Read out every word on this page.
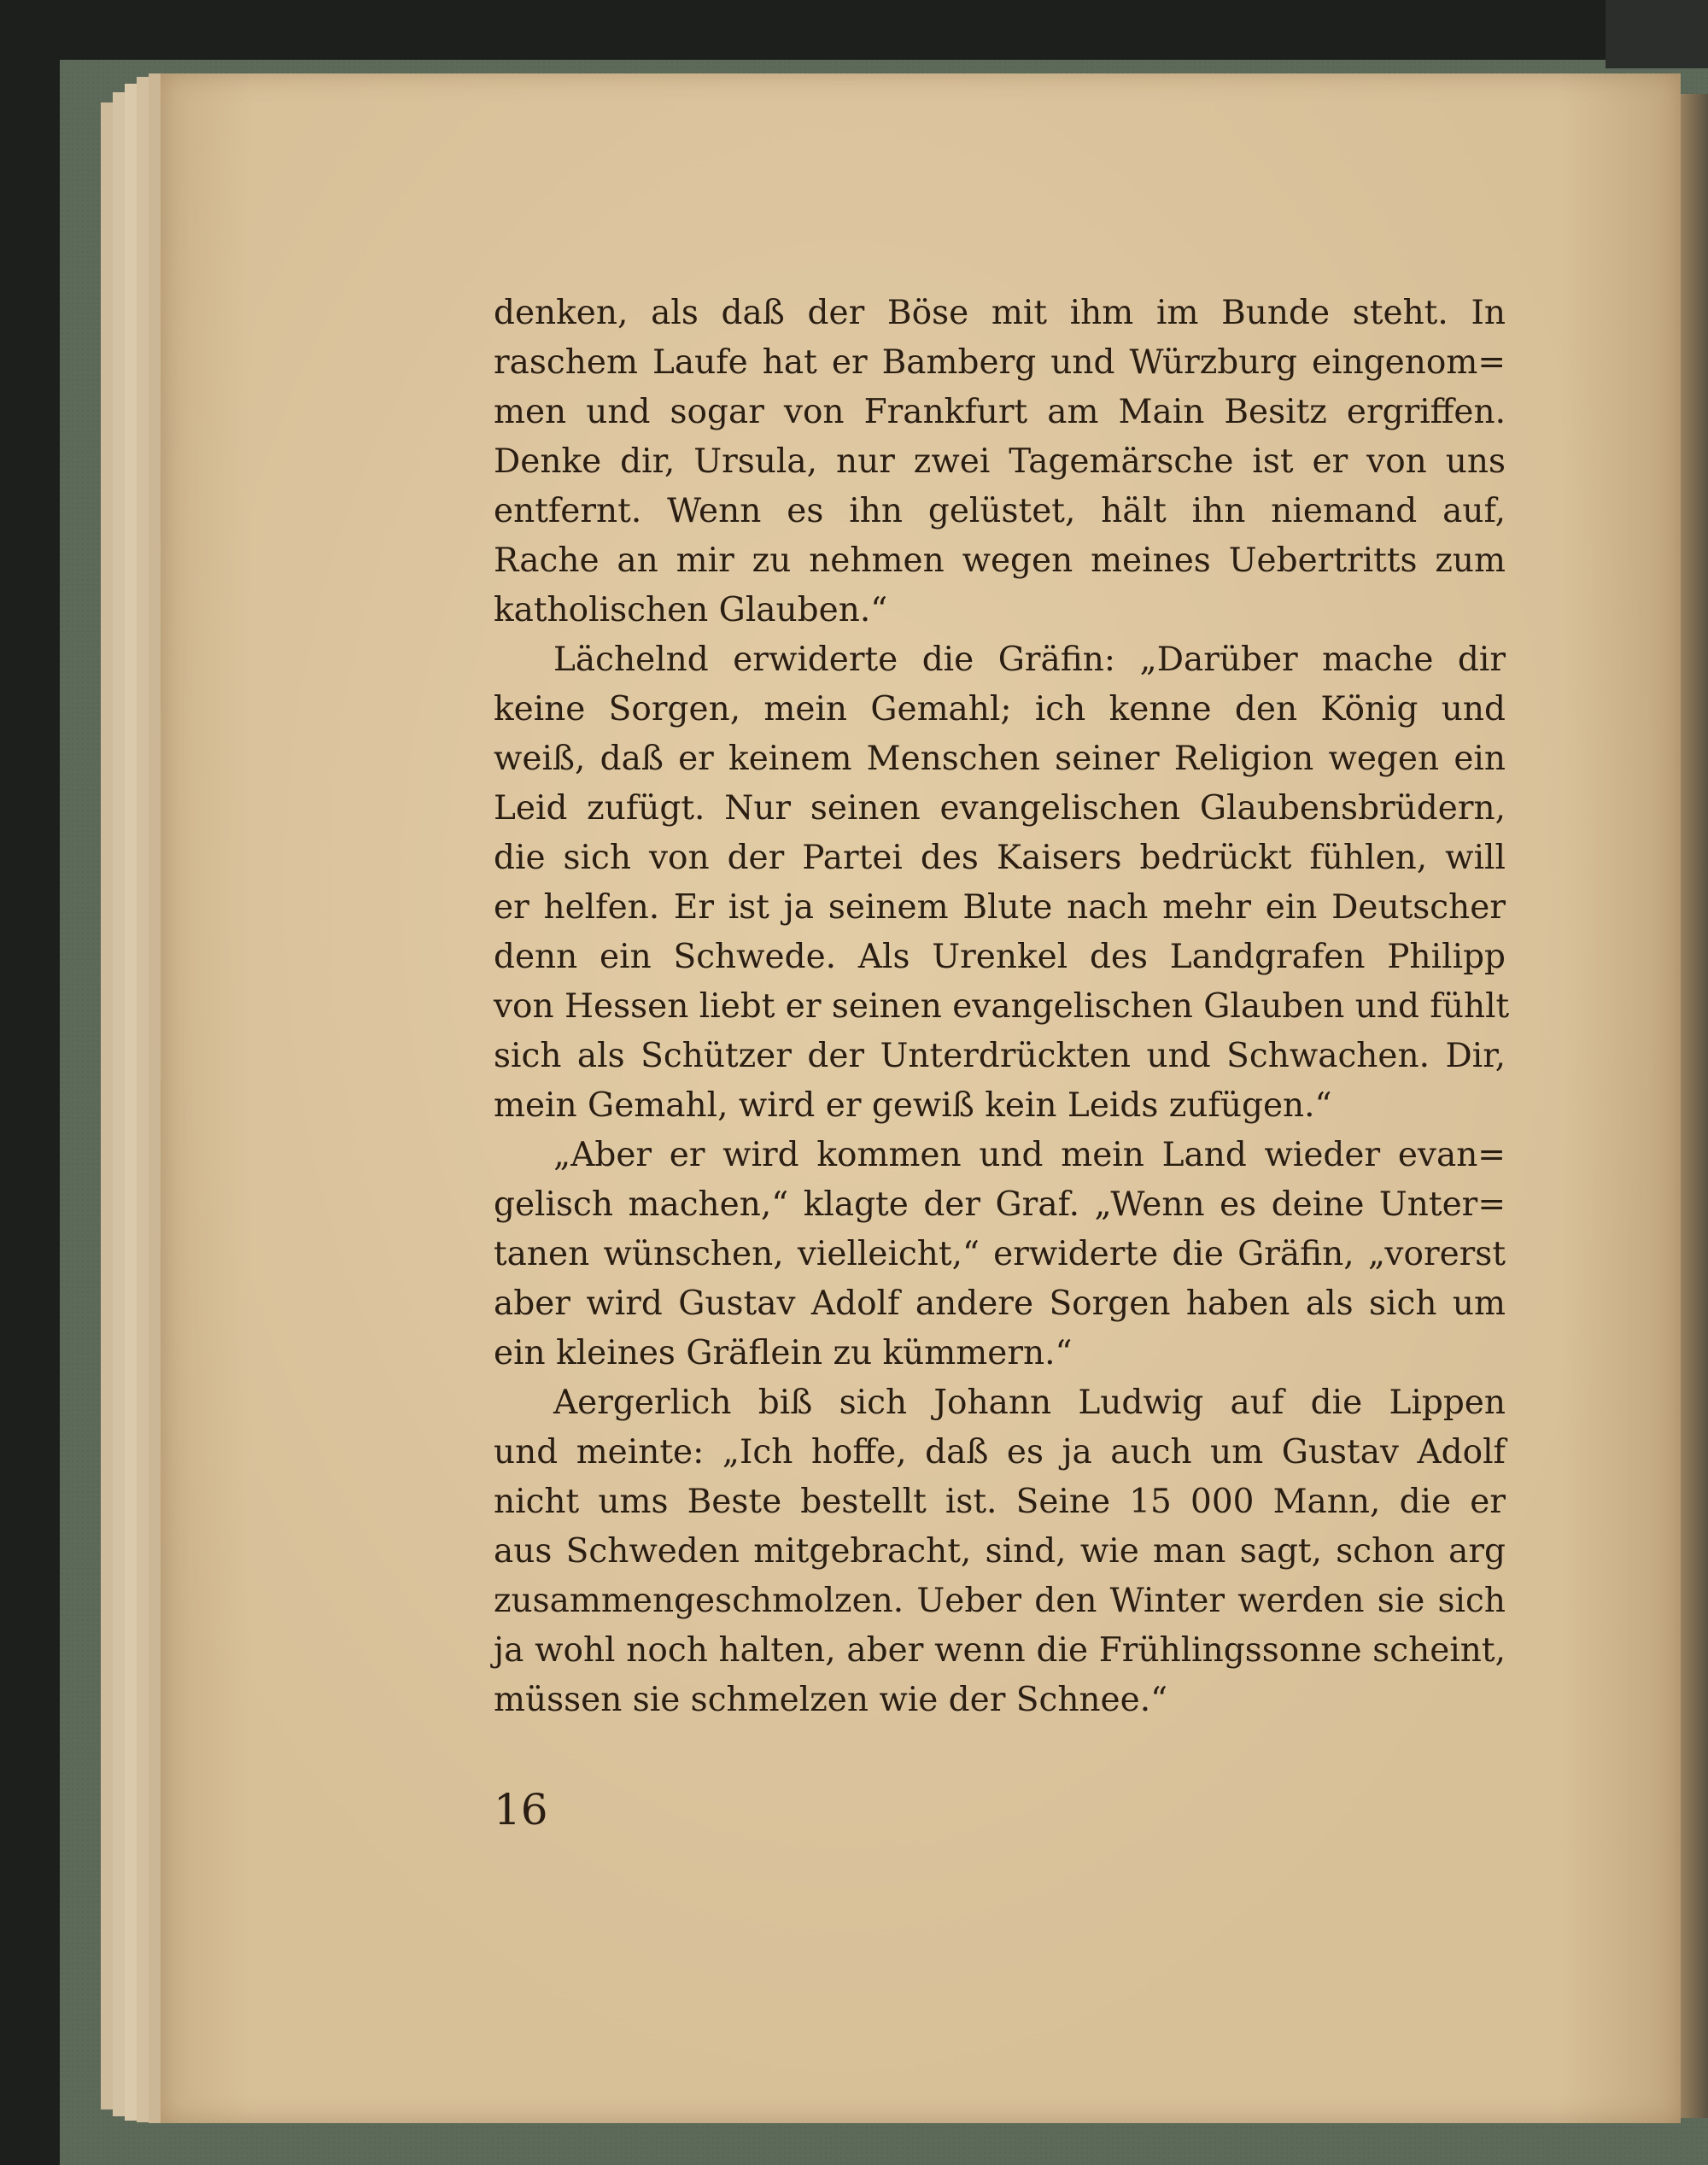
denken, als daß der Böse mit ihm im Bunde steht. In
raschem Laufe hat er Bamberg und Würzburg eingenom=
men und sogar von Frankfurt am Main Besitz ergriffen.
Denke dir, Ursula, nur zwei Tagemärsche ist er von uns
entfernt. Wenn es ihn gelüstet, hält ihn niemand auf,
Rache an mir zu nehmen wegen meines Uebertritts zum
katholischen Glauben.“
Lächelnd erwiderte die Gräfin: „Darüber mache dir
keine Sorgen, mein Gemahl; ich kenne den König und
weiß, daß er keinem Menschen seiner Religion wegen ein
Leid zufügt. Nur seinen evangelischen Glaubensbrüdern,
die sich von der Partei des Kaisers bedrückt fühlen, will
er helfen. Er ist ja seinem Blute nach mehr ein Deutscher
denn ein Schwede. Als Urenkel des Landgrafen Philipp
von Hessen liebt er seinen evangelischen Glauben und fühlt
sich als Schützer der Unterdrückten und Schwachen. Dir,
mein Gemahl, wird er gewiß kein Leids zufügen.“
„Aber er wird kommen und mein Land wieder evan=
gelisch machen,“ klagte der Graf. „Wenn es deine Unter=
tanen wünschen, vielleicht,“ erwiderte die Gräfin, „vorerst
aber wird Gustav Adolf andere Sorgen haben als sich um
ein kleines Gräflein zu kümmern.“
Aergerlich biß sich Johann Ludwig auf die Lippen
und meinte: „Ich hoffe, daß es ja auch um Gustav Adolf
nicht ums Beste bestellt ist. Seine 15 000 Mann, die er
aus Schweden mitgebracht, sind, wie man sagt, schon arg
zusammengeschmolzen. Ueber den Winter werden sie sich
ja wohl noch halten, aber wenn die Frühlingssonne scheint,
müssen sie schmelzen wie der Schnee.“
16
